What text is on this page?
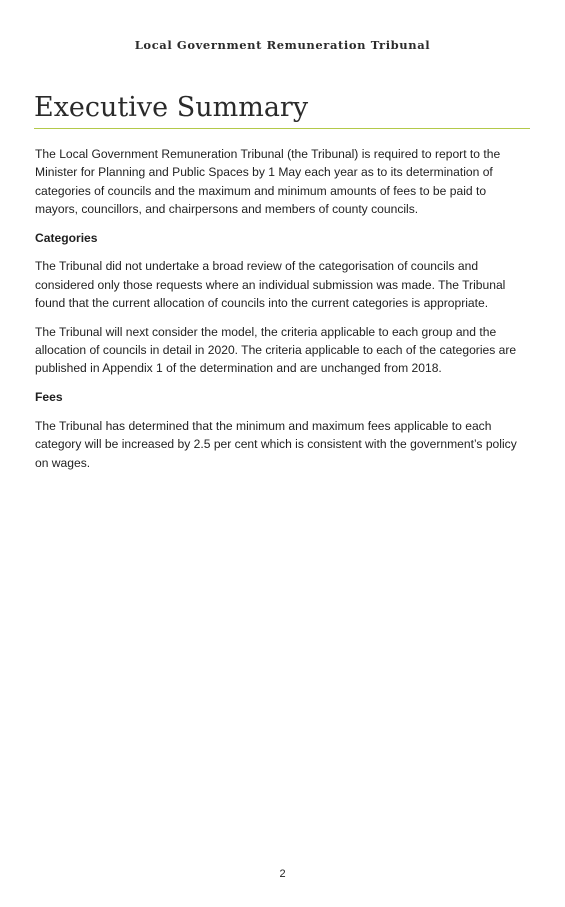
Local Government Remuneration Tribunal
Executive Summary

The Local Government Remuneration Tribunal (the Tribunal) is required to report to the Minister for Planning and Public Spaces by 1 May each year as to its determination of categories of councils and the maximum and minimum amounts of fees to be paid to mayors, councillors, and chairpersons and members of county councils.

Categories

The Tribunal did not undertake a broad review of the categorisation of councils and considered only those requests where an individual submission was made. The Tribunal found that the current allocation of councils into the current categories is appropriate.

The Tribunal will next consider the model, the criteria applicable to each group and the allocation of councils in detail in 2020. The criteria applicable to each of the categories are published in Appendix 1 of the determination and are unchanged from 2018.

Fees

The Tribunal has determined that the minimum and maximum fees applicable to each category will be increased by 2.5 per cent which is consistent with the government’s policy on wages.

2
